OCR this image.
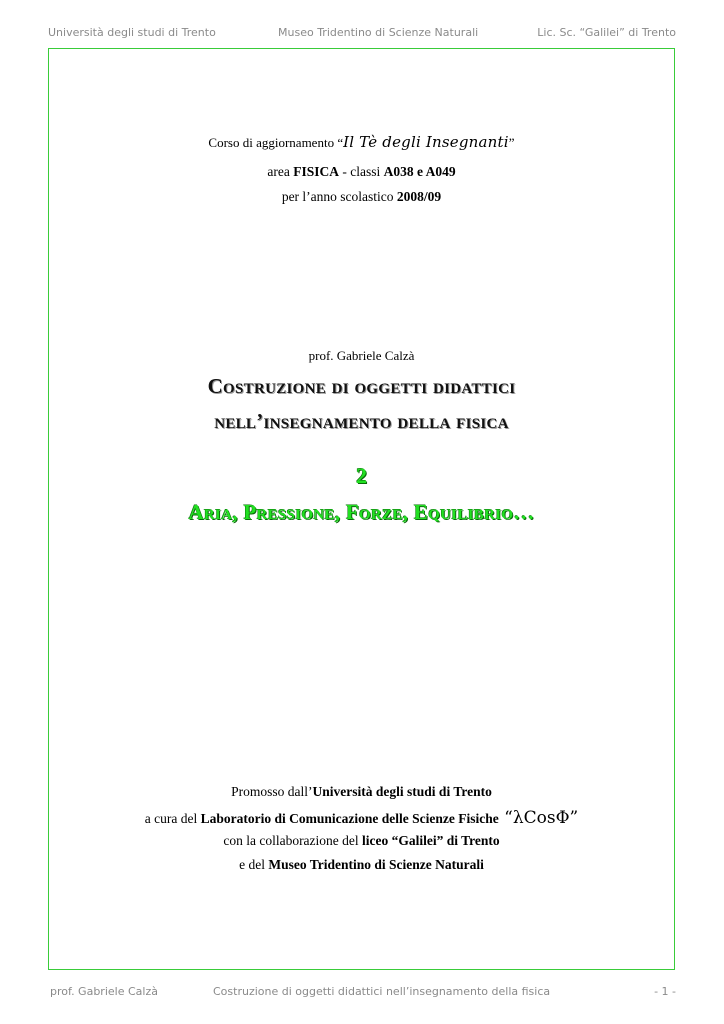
Università degli studi di Trento	Museo Tridentino di Scienze Naturali	Lic. Sc. “Galilei” di Trento
Corso di aggiornamento “Il Tè degli Insegnanti”
area FISICA - classi A038 e A049
per l’anno scolastico 2008/09
prof. Gabriele Calzà
Costruzione di oggetti didattici
nell’insegnamento della fisica
2
Aria, Pressione, Forze, Equilibrio…
Promosso dall’Università degli studi di Trento
a cura del Laboratorio di Comunicazione delle Scienze Fisiche “λCosΦ”
con la collaborazione del liceo “Galilei” di Trento
e del Museo Tridentino di Scienze Naturali
prof. Gabriele Calzà	Costruzione di oggetti didattici nell’insegnamento della fisica	- 1 -
